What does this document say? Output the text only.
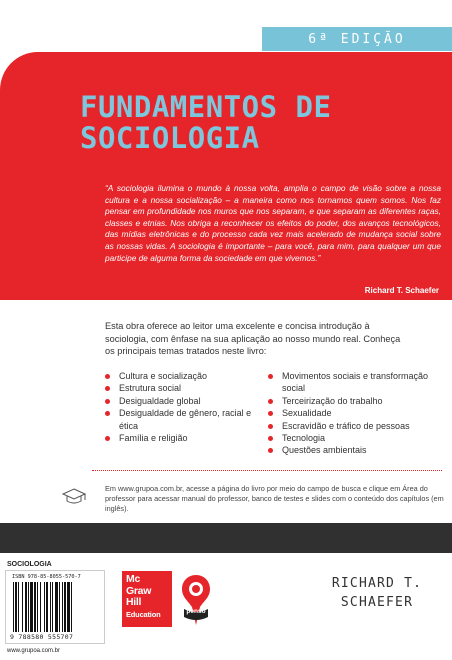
6ª EDIÇÃO
FUNDAMENTOS DE
SOCIOLOGIA

“A sociologia ilumina o mundo à nossa volta, amplia o campo de visão sobre a nossa cultura e a nossa socialização – a maneira como nos tornamos quem somos. Nos faz pensar em profundidade nos muros que nos separam, e que separam as diferentes raças, classes e etnias. Nos obriga a reconhecer os efeitos do poder, dos avanços tecnológicos, das mídias eletrônicas e do processo cada vez mais acelerado de mudança social sobre as nossas vidas. A sociologia é importante – para você, para mim, para qualquer um que participe de alguma forma da sociedade em que vivemos.”

Richard T. Schaefer

Esta obra oferece ao leitor uma excelente e concisa introdução à sociologia, com ênfase na sua aplicação ao nosso mundo real. Conheça os principais temas tratados neste livro:

Cultura e socialização
Estrutura social
Desigualdade global
Desigualdade de gênero, racial e ética
Família e religião
Movimentos sociais e transformação social
Terceirização do trabalho
Sexualidade
Escravidão e tráfico de pessoas
Tecnologia
Questões ambientais

Em www.grupoa.com.br, acesse a página do livro por meio do campo de busca e clique em Área do professor para acessar manual do professor, banco de testes e slides com o conteúdo dos capítulos (em inglês).

SOCIOLOGIA
ISBN 978-85-8055-570-7
9 788580 555707
www.grupoa.com.br
Mc
Graw
Hill
Education	penso
RICHARD T.
SCHAEFER
